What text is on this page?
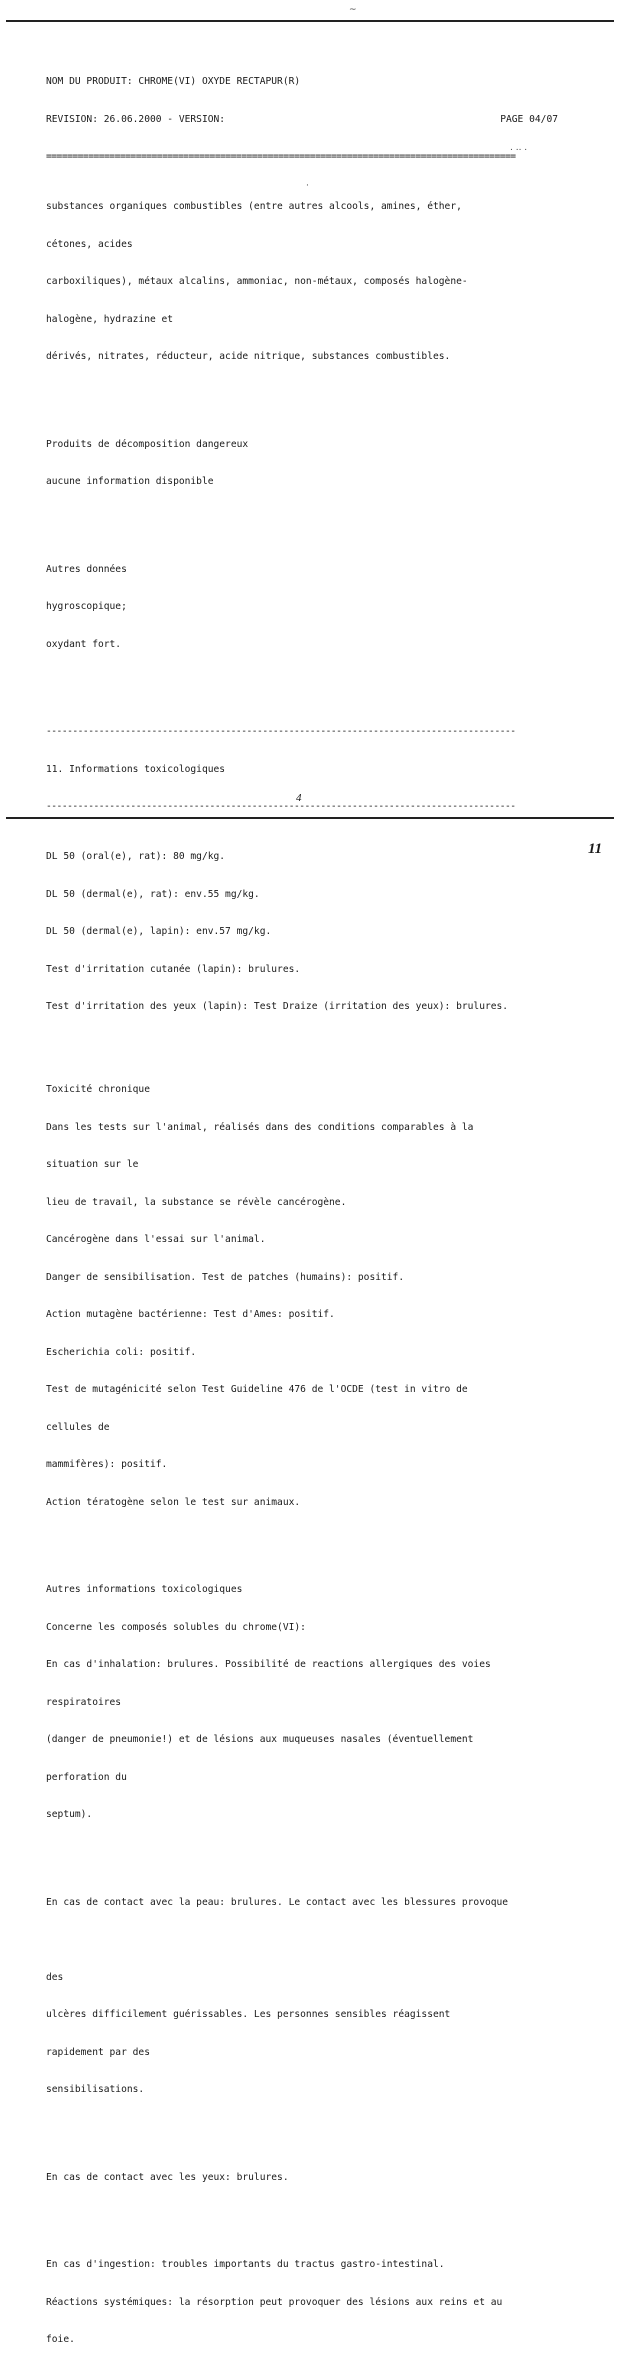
~

NOM DU PRODUIT: CHROME(VI) OXYDE RECTAPUR(R)

REVISION: 26.06.2000 - VERSION:	PAGE 04/07

=========================================================================================

substances organiques combustibles (entre autres alcools, amines, éther,

cétones, acides

carboxiliques), métaux alcalins, ammoniac, non-métaux, composés halogène-

halogène, hydrazine et

dérivés, nitrates, réducteur, acide nitrique, substances combustibles.

Produits de décomposition dangereux

aucune information disponible

Autres données

hygroscopique;

oxydant fort.

-----------------------------------------------------------------------------------------

11. Informations toxicologiques

-----------------------------------------------------------------------------------------

DL 50 (oral(e), rat): 80 mg/kg.

DL 50 (dermal(e), rat): env.55 mg/kg.

DL 50 (dermal(e), lapin): env.57 mg/kg.

Test d'irritation cutanée (lapin): brulures.

Test d'irritation des yeux (lapin): Test Draize (irritation des yeux): brulures.

Toxicité chronique

Dans les tests sur l'animal, réalisés dans des conditions comparables à la

situation sur le

lieu de travail, la substance se révèle cancérogène.

Cancérogène dans l'essai sur l'animal.

Danger de sensibilisation. Test de patches (humains): positif.

Action mutagène bactérienne: Test d'Ames: positif.

Escherichia coli: positif.

Test de mutagénicité selon Test Guideline 476 de l'OCDE (test in vitro de

cellules de

mammifères): positif.

Action tératogène selon le test sur animaux.

Autres informations toxicologiques

Concerne les composés solubles du chrome(VI):

En cas d'inhalation: brulures. Possibilité de reactions allergiques des voies

respiratoires

(danger de pneumonie!) et de lésions aux muqueuses nasales (éventuellement

perforation du

septum).

En cas de contact avec la peau: brulures. Le contact avec les blessures provoque

des

ulcères difficilement guérissables. Les personnes sensibles réagissent

rapidement par des

sensibilisations.

En cas de contact avec les yeux: brulures.

En cas d'ingestion: troubles importants du tractus gastro-intestinal.

Réactions systémiques: la résorption peut provoquer des lésions aux reins et au

foie.

·
. .. .
4
11
